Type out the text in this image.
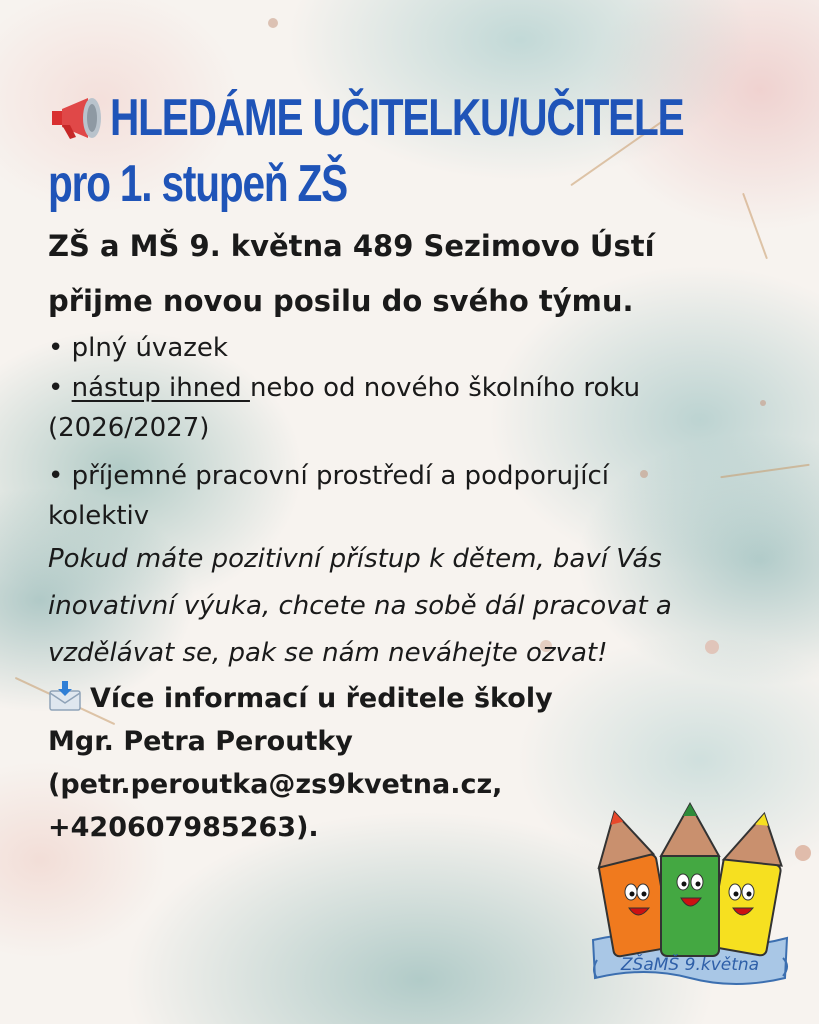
HLEDÁME UČITELKU/UČITELE
pro 1. stupeň ZŠ
ZŠ a MŠ 9. května 489 Sezimovo Ústí
přijme novou posilu do svého týmu.
• plný úvazek
• nástup ihned nebo od nového školního roku
(2026/2027)
• příjemné pracovní prostředí a podporující
kolektiv
Pokud máte pozitivní přístup k dětem, baví Vás
inovativní výuka, chcete na sobě dál pracovat a
vzdělávat se, pak se nám neváhejte ozvat!
Více informací u ředitele školy
Mgr. Petra Peroutky
(petr.peroutka@zs9kvetna.cz,
+420607985263).
ZŠaMŠ 9.května
